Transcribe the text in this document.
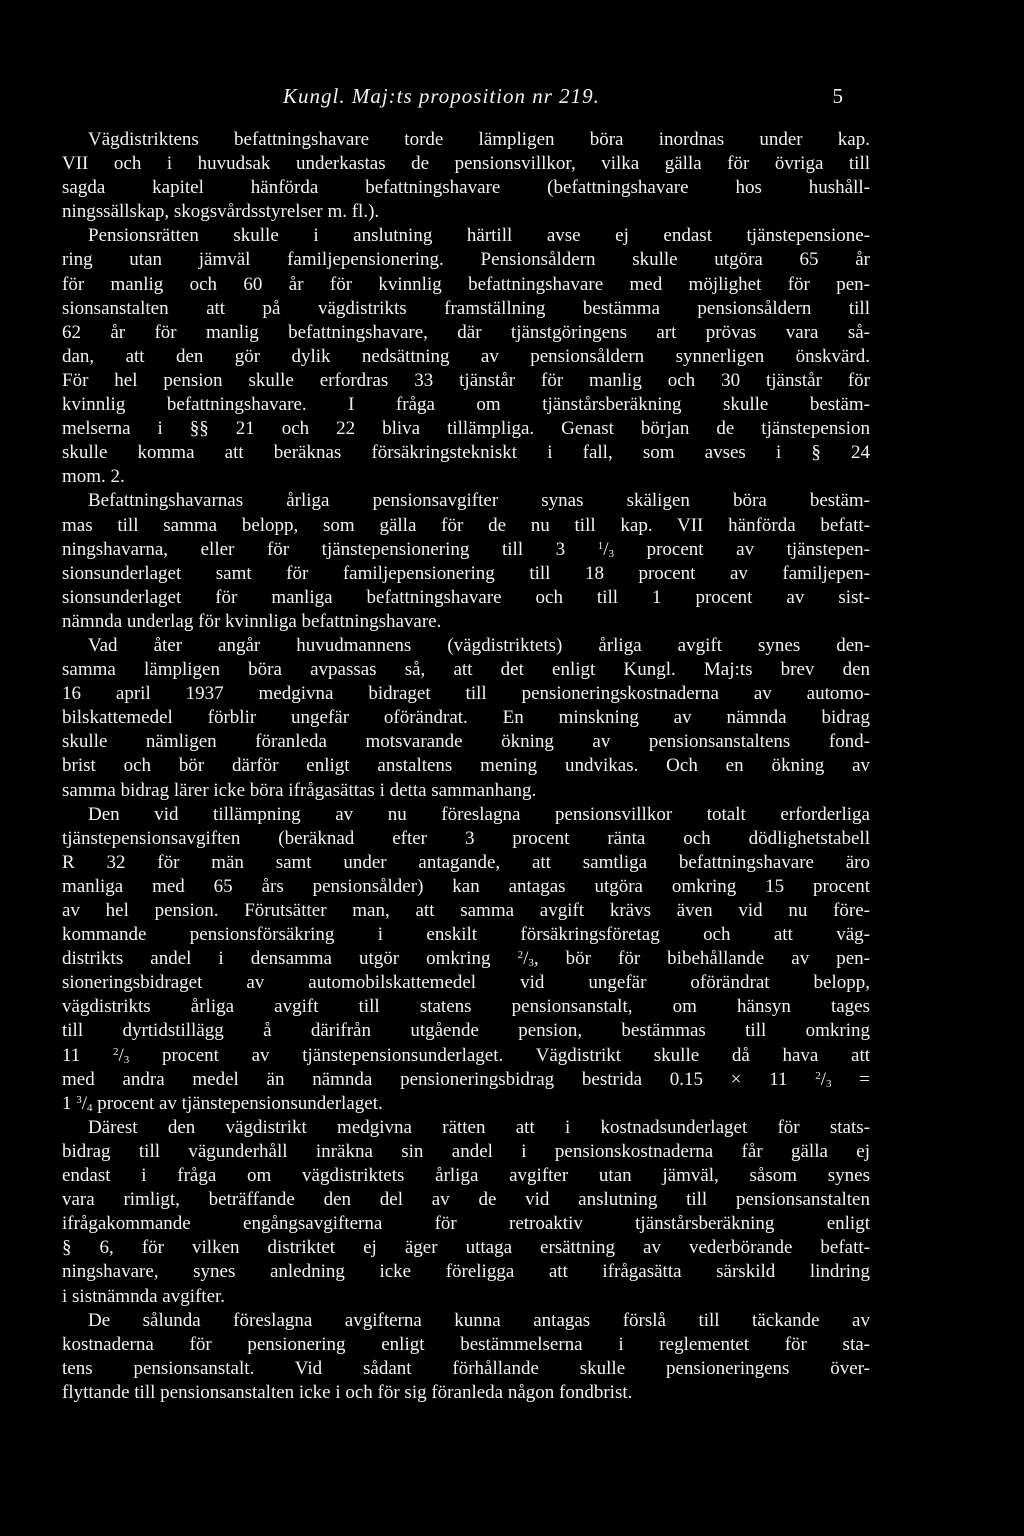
Kungl. Maj:ts proposition nr 219.	5
Vägdistriktens befattningshavare torde lämpligen böra inordnas under kap.
VII och i huvudsak underkastas de pensionsvillkor, vilka gälla för övriga till
sagda kapitel hänförda befattningshavare (befattningshavare hos hushåll-
ningssällskap, skogsvårdsstyrelser m. fl.).
Pensionsrätten skulle i anslutning härtill avse ej endast tjänstepensione-
ring utan jämväl familjepensionering. Pensionsåldern skulle utgöra 65 år
för manlig och 60 år för kvinnlig befattningshavare med möjlighet för pen-
sionsanstalten att på vägdistrikts framställning bestämma pensionsåldern till
62 år för manlig befattningshavare, där tjänstgöringens art prövas vara så-
dan, att den gör dylik nedsättning av pensionsåldern synnerligen önskvärd.
För hel pension skulle erfordras 33 tjänstår för manlig och 30 tjänstår för
kvinnlig befattningshavare. I fråga om tjänstårsberäkning skulle bestäm-
melserna i §§ 21 och 22 bliva tillämpliga. Genast början de tjänstepension
skulle komma att beräknas försäkringstekniskt i fall, som avses i § 24
mom. 2.
Befattningshavarnas årliga pensionsavgifter synas skäligen böra bestäm-
mas till samma belopp, som gälla för de nu till kap. VII hänförda befatt-
ningshavarna, eller för tjänstepensionering till 3 $^1/_3$ procent av tjänstepen-
sionsunderlaget samt för familjepensionering till 18 procent av familjepen-
sionsunderlaget för manliga befattningshavare och till 1 procent av sist-
nämnda underlag för kvinnliga befattningshavare.
Vad åter angår huvudmannens (vägdistriktets) årliga avgift synes den-
samma lämpligen böra avpassas så, att det enligt Kungl. Maj:ts brev den
16 april 1937 medgivna bidraget till pensioneringskostnaderna av automo-
bilskattemedel förblir ungefär oförändrat. En minskning av nämnda bidrag
skulle nämligen föranleda motsvarande ökning av pensionsanstaltens fond-
brist och bör därför enligt anstaltens mening undvikas. Och en ökning av
samma bidrag lärer icke böra ifrågasättas i detta sammanhang.
Den vid tillämpning av nu föreslagna pensionsvillkor totalt erforderliga
tjänstepensionsavgiften (beräknad efter 3 procent ränta och dödlighetstabell
R 32 för män samt under antagande, att samtliga befattningshavare äro
manliga med 65 års pensionsålder) kan antagas utgöra omkring 15 procent
av hel pension. Förutsätter man, att samma avgift krävs även vid nu före-
kommande pensionsförsäkring i enskilt försäkringsföretag och att väg-
distrikts andel i densamma utgör omkring $^2/_3$, bör för bibehållande av pen-
sioneringsbidraget av automobilskattemedel vid ungefär oförändrat belopp,
vägdistrikts årliga avgift till statens pensionsanstalt, om hänsyn tages
till dyrtidstillägg å därifrån utgående pension, bestämmas till omkring
11 $^2/_3$ procent av tjänstepensionsunderlaget. Vägdistrikt skulle då hava att
med andra medel än nämnda pensioneringsbidrag bestrida 0.15 × 11 $^2/_3$ =
1 $^3/_4$ procent av tjänstepensionsunderlaget.
Därest den vägdistrikt medgivna rätten att i kostnadsunderlaget för stats-
bidrag till vägunderhåll inräkna sin andel i pensionskostnaderna får gälla ej
endast i fråga om vägdistriktets årliga avgifter utan jämväl, såsom synes
vara rimligt, beträffande den del av de vid anslutning till pensionsanstalten
ifrågakommande engångsavgifterna för retroaktiv tjänstårsberäkning enligt
§ 6, för vilken distriktet ej äger uttaga ersättning av vederbörande befatt-
ningshavare, synes anledning icke föreligga att ifrågasätta särskild lindring
i sistnämnda avgifter.
De sålunda föreslagna avgifterna kunna antagas förslå till täckande av
kostnaderna för pensionering enligt bestämmelserna i reglementet för sta-
tens pensionsanstalt. Vid sådant förhållande skulle pensioneringens över-
flyttande till pensionsanstalten icke i och för sig föranleda någon fondbrist.
